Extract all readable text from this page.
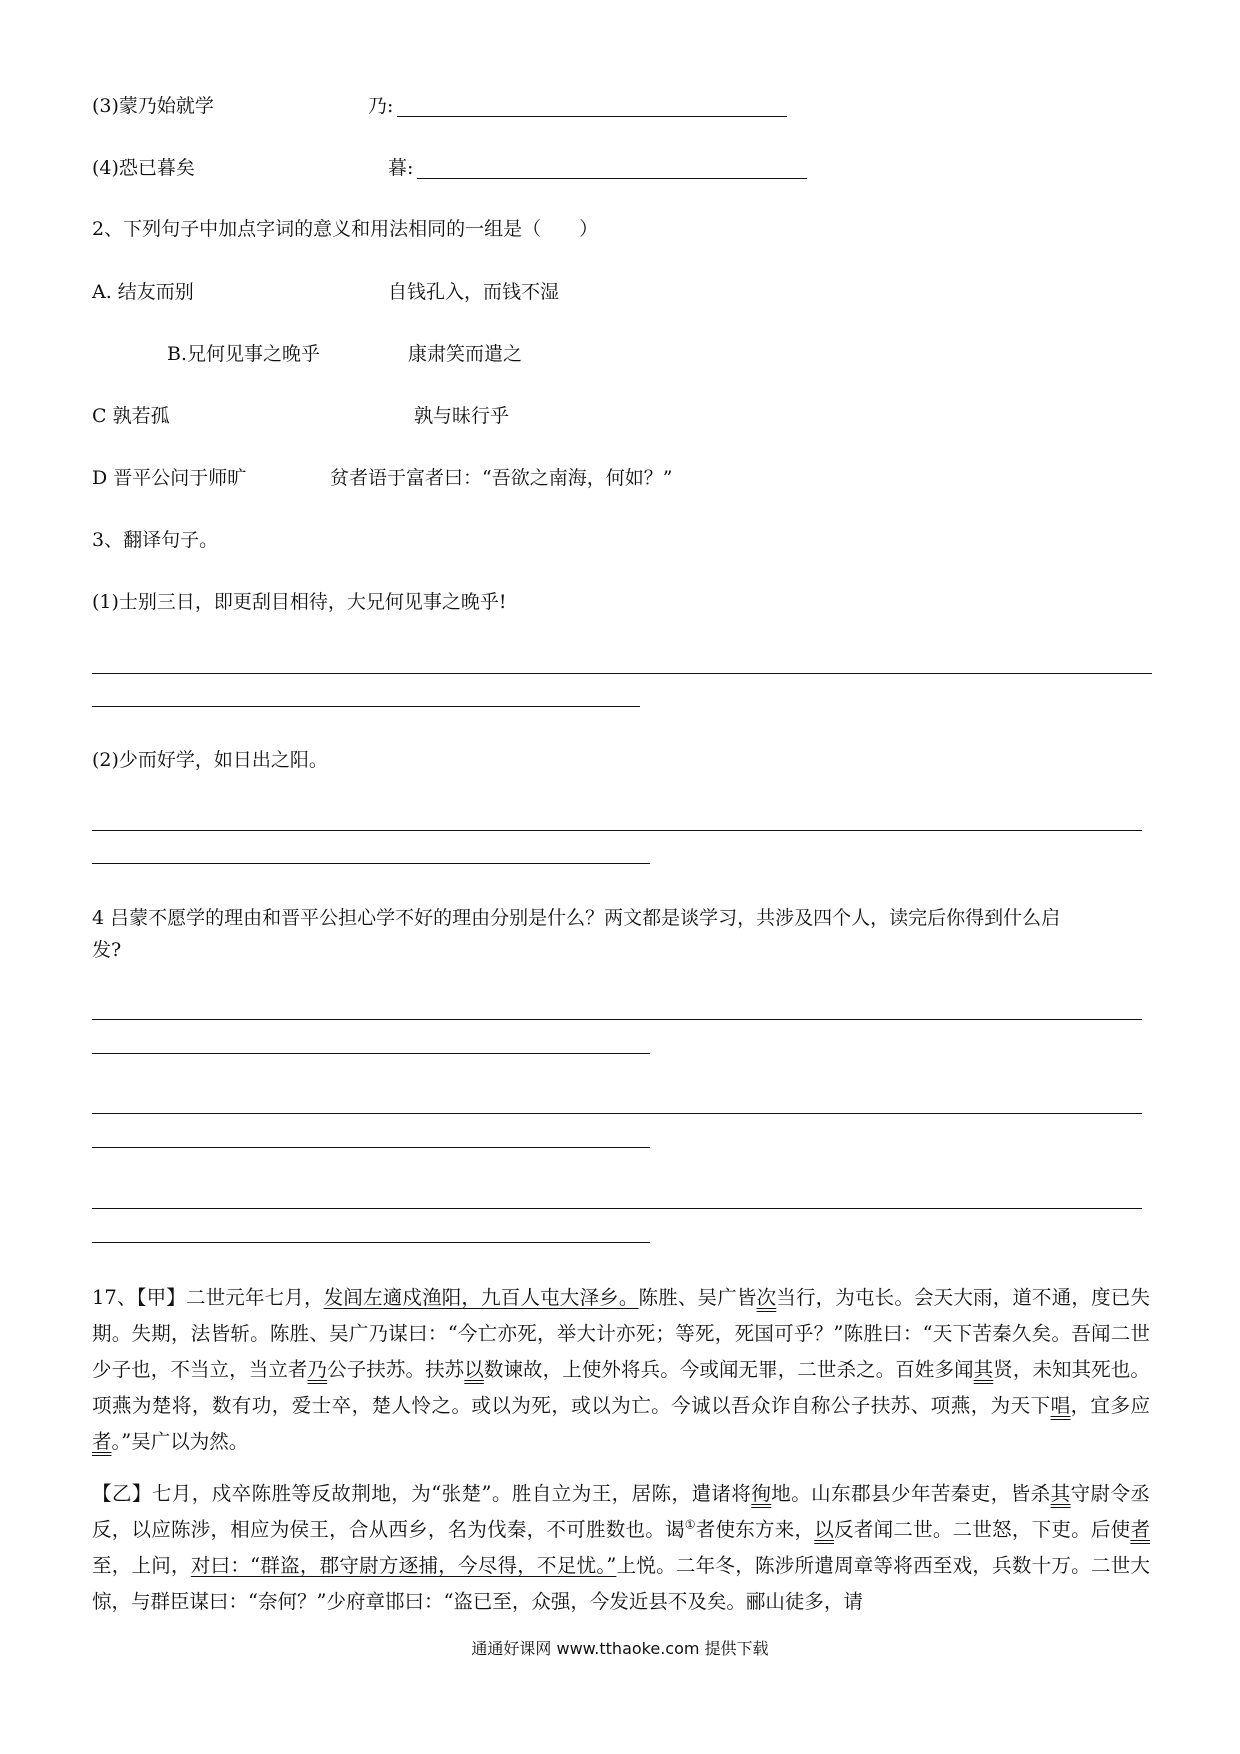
(3)蒙乃始就学	乃:
(4)恐已暮矣	暮:
2、下列句子中加点字词的意义和用法相同的一组是（　　）
A. 结友而别	自钱孔入，而钱不湿
B.兄何见事之晚乎	康肃笑而遣之
C 孰若孤	孰与昧行乎
D 晋平公问于师旷	贫者语于富者曰：“吾欲之南海，何如？”
3、翻译句子。
(1)士别三日，即更刮目相待，大兄何见事之晚乎!
(2)少而好学，如日出之阳。
4 吕蒙不愿学的理由和晋平公担心学不好的理由分别是什么？两文都是谈学习，共涉及四个人，读完后你得到什么启
发?
17、【甲】二世元年七月，发闾左適戍渔阳，九百人屯大泽乡。陈胜、吴广皆次当行，为屯长。会天大雨，道不通，度已失期。失期，法皆斩。陈胜、吴广乃谋曰：“今亡亦死，举大计亦死；等死，死国可乎？”陈胜曰：“天下苦秦久矣。吾闻二世少子也，不当立，当立者乃公子扶苏。扶苏以数谏故，上使外将兵。今或闻无罪，二世杀之。百姓多闻其贤，未知其死也。项燕为楚将，数有功，爱士卒，楚人怜之。或以为死，或以为亡。今诚以吾众诈自称公子扶苏、项燕，为天下唱，宜多应者。”吴广以为然。
【乙】七月，戍卒陈胜等反故荆地，为“张楚”。胜自立为王，居陈，遣诸将徇地。山东郡县少年苦秦吏，皆杀其守尉令丞反，以应陈涉，相应为侯王，合从西乡，名为伐秦，不可胜数也。谒①者使东方来，以反者闻二世。二世怒，下吏。后使者至，上问，对曰：“群盗，郡守尉方逐捕，今尽得，不足忧。”上悦。二年冬，陈涉所遣周章等将西至戏，兵数十万。二世大惊，与群臣谋曰：“奈何？”少府章邯曰：“盗已至，众强，今发近县不及矣。郦山徒多，请
通通好课网 www.tthaoke.com 提供下载
